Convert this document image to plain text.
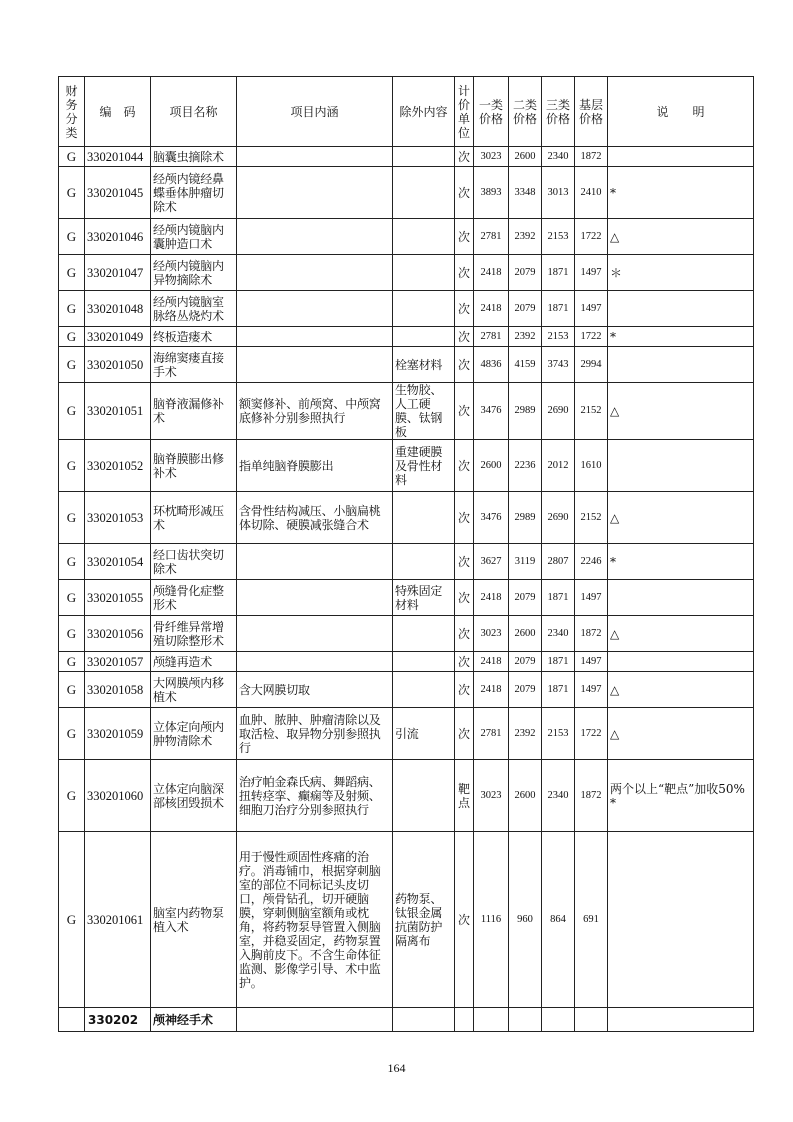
财务分类	编　码	项目名称	项目内涵	除外内容	计价单位	一类价格	二类价格	三类价格	基层价格	说　　明
G	330201044	脑囊虫摘除术			次	3023	2600	2340	1872	
G	330201045	经颅内镜经鼻蝶垂体肿瘤切除术			次	3893	3348	3013	2410	*
G	330201046	经颅内镜脑内囊肿造口术			次	2781	2392	2153	1722	△
G	330201047	经颅内镜脑内异物摘除术			次	2418	2079	1871	1497	＊
G	330201048	经颅内镜脑室脉络丛烧灼术			次	2418	2079	1871	1497	
G	330201049	终板造瘘术			次	2781	2392	2153	1722	*
G	330201050	海绵窦瘘直接手术		栓塞材料	次	4836	4159	3743	2994	
G	330201051	脑脊液漏修补术	额窦修补、前颅窝、中颅窝底修补分别参照执行	生物胶、人工硬膜、钛钢板	次	3476	2989	2690	2152	△
G	330201052	脑脊膜膨出修补术	指单纯脑脊膜膨出	重建硬膜及骨性材料	次	2600	2236	2012	1610	
G	330201053	环枕畸形减压术	含骨性结构减压、小脑扁桃体切除、硬膜减张缝合术		次	3476	2989	2690	2152	△
G	330201054	经口齿状突切除术			次	3627	3119	2807	2246	*
G	330201055	颅缝骨化症整形术		特殊固定材料	次	2418	2079	1871	1497	
G	330201056	骨纤维异常增殖切除整形术			次	3023	2600	2340	1872	△
G	330201057	颅缝再造术			次	2418	2079	1871	1497	
G	330201058	大网膜颅内移植术	含大网膜切取		次	2418	2079	1871	1497	△
G	330201059	立体定向颅内肿物清除术	血肿、脓肿、肿瘤清除以及取活检、取异物分别参照执行	引流	次	2781	2392	2153	1722	△
G	330201060	立体定向脑深部核团毁损术	治疗帕金森氏病、舞蹈病、扭转痉挛、癫痫等及射频、细胞刀治疗分别参照执行		靶点	3023	2600	2340	1872	两个以上“靶点”加收50%　　　*
G	330201061	脑室内药物泵植入术	用于慢性顽固性疼痛的治疗。消毒铺巾，根据穿刺脑室的部位不同标记头皮切口，颅骨钻孔，切开硬脑膜，穿刺侧脑室额角或枕角，将药物泵导管置入侧脑室，并稳妥固定，药物泵置入胸前皮下。不含生命体征监测、影像学引导、术中监护。	药物泵、钛银金属抗菌防护隔离布	次	1116	960	864	691	
	330202	颅神经手术								
164
